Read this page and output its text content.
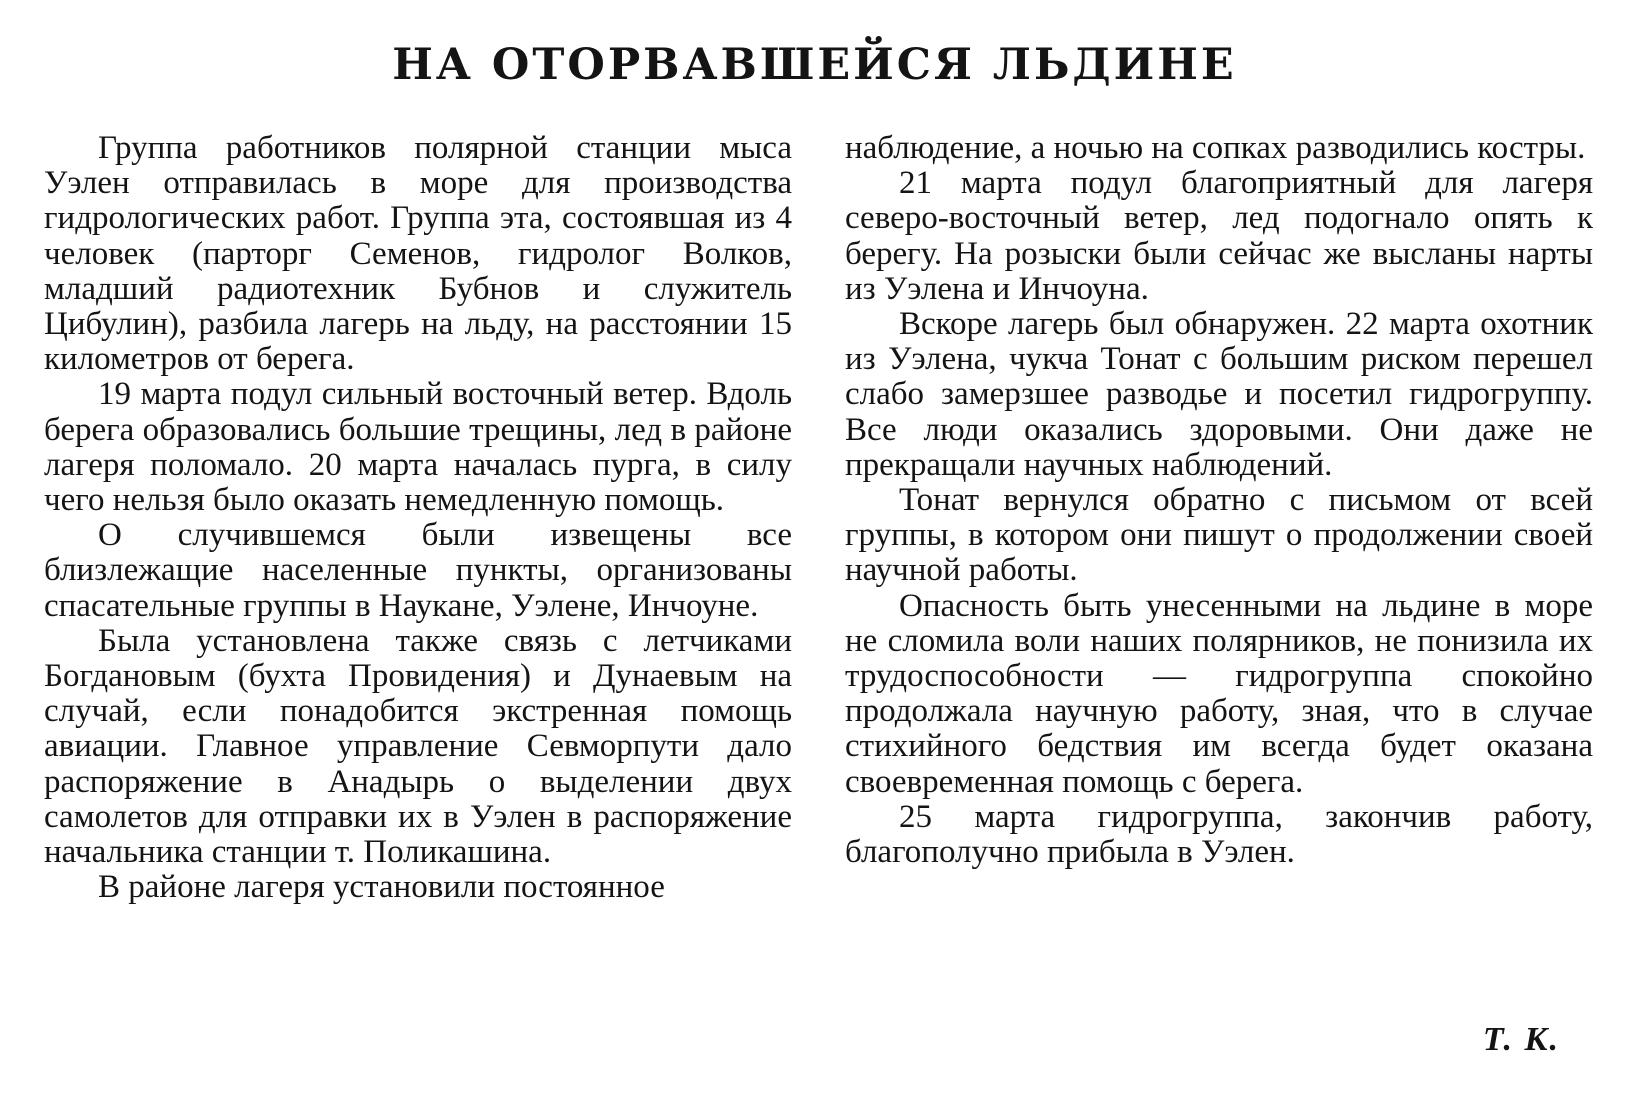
НА ОТОРВАВШЕЙСЯ ЛЬДИНЕ

Группа работников полярной станции мыса Уэлен отправилась в море для производства гидрологических работ. Группа эта, состоявшая из 4 человек (парторг Семенов, гидролог Волков, младший радиотехник Бубнов и служитель Цибулин), разбила лагерь на льду, на расстоянии 15 километров от берега.

19 марта подул сильный восточный ветер. Вдоль берега образовались большие трещины, лед в районе лагеря поломало. 20 марта началась пурга, в силу чего нельзя было оказать немедленную помощь.

О случившемся были извещены все близлежащие населенные пункты, организованы спасательные группы в Наукане, Уэлене, Инчоуне.

Была установлена также связь с летчиками Богдановым (бухта Провидения) и Дунаевым на случай, если понадобится экстренная помощь авиации. Главное управление Севморпути дало распоряжение в Анадырь о выделении двух самолетов для отправки их в Уэлен в распоряжение начальника станции т. Поликашина.

В районе лагеря установили постоянное

наблюдение, а ночью на сопках разводились костры.

21 марта подул благоприятный для лагеря северо-восточный ветер, лед подогнало опять к берегу. На розыски были сейчас же высланы нарты из Уэлена и Инчоуна.

Вскоре лагерь был обнаружен. 22 марта охотник из Уэлена, чукча Тонат с большим риском перешел слабо замерзшее разводье и посетил гидрогруппу. Все люди оказались здоровыми. Они даже не прекращали научных наблюдений.

Тонат вернулся обратно с письмом от всей группы, в котором они пишут о продолжении своей научной работы.

Опасность быть унесенными на льдине в море не сломила воли наших полярников, не понизила их трудоспособности — гидрогруппа спокойно продолжала научную работу, зная, что в случае стихийного бедствия им всегда будет оказана своевременная помощь с берега.

25 марта гидрогруппа, закончив работу, благополучно прибыла в Уэлен.

Т. К.
